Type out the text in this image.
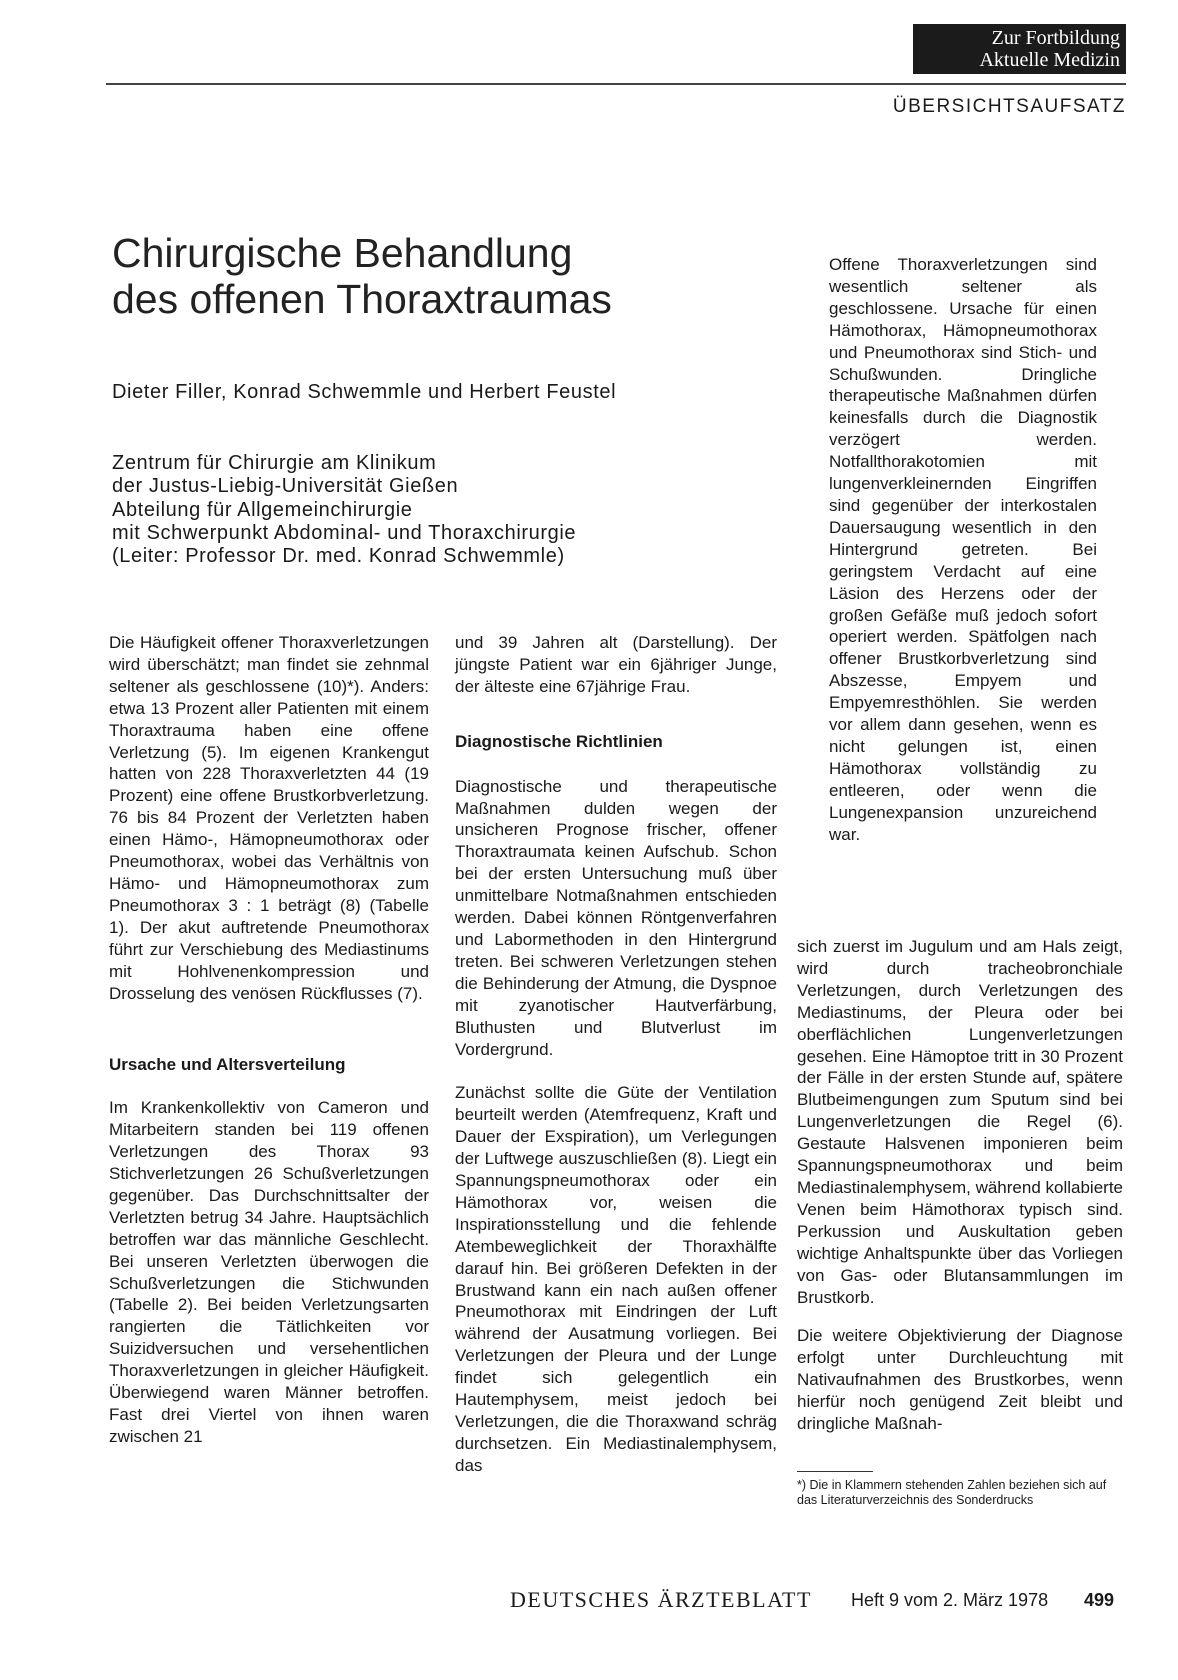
Zur Fortbildung
Aktuelle Medizin
ÜBERSICHTSAUFSATZ
Chirurgische Behandlung
des offenen Thoraxtraumas
Dieter Filler, Konrad Schwemmle und Herbert Feustel
Zentrum für Chirurgie am Klinikum
der Justus-Liebig-Universität Gießen
Abteilung für Allgemeinchirurgie
mit Schwerpunkt Abdominal- und Thoraxchirurgie
(Leiter: Professor Dr. med. Konrad Schwemmle)

Die Häufigkeit offener Thoraxverletzungen wird überschätzt; man findet sie zehnmal seltener als geschlossene (10)*). Anders: etwa 13 Prozent aller Patienten mit einem Thoraxtrauma haben eine offene Verletzung (5). Im eigenen Krankengut hatten von 228 Thoraxverletzten 44 (19 Prozent) eine offene Brustkorbverletzung. 76 bis 84 Prozent der Verletzten haben einen Hämo-, Hämopneumothorax oder Pneumothorax, wobei das Verhältnis von Hämo- und Hämopneumothorax zum Pneumothorax 3 : 1 beträgt (8) (Tabelle 1). Der akut auftretende Pneumothorax führt zur Verschiebung des Mediastinums mit Hohlvenenkompression und Drosselung des venösen Rückflusses (7).

Ursache und Altersverteilung

Im Krankenkollektiv von Cameron und Mitarbeitern standen bei 119 offenen Verletzungen des Thorax 93 Stichverletzungen 26 Schußverletzungen gegenüber. Das Durchschnittsalter der Verletzten betrug 34 Jahre. Hauptsächlich betroffen war das männliche Geschlecht. Bei unseren Verletzten überwogen die Schußverletzungen die Stichwunden (Tabelle 2). Bei beiden Verletzungsarten rangierten die Tätlichkeiten vor Suizidversuchen und versehentlichen Thoraxverletzungen in gleicher Häufigkeit. Überwiegend waren Männer betroffen. Fast drei Viertel von ihnen waren zwischen 21

und 39 Jahren alt (Darstellung). Der jüngste Patient war ein 6jähriger Junge, der älteste eine 67jährige Frau.

Diagnostische Richtlinien

Diagnostische und therapeutische Maßnahmen dulden wegen der unsicheren Prognose frischer, offener Thoraxtraumata keinen Aufschub. Schon bei der ersten Untersuchung muß über unmittelbare Notmaßnahmen entschieden werden. Dabei können Röntgenverfahren und Labormethoden in den Hintergrund treten. Bei schweren Verletzungen stehen die Behinderung der Atmung, die Dyspnoe mit zyanotischer Hautverfärbung, Bluthusten und Blutverlust im Vordergrund.

Zunächst sollte die Güte der Ventilation beurteilt werden (Atemfrequenz, Kraft und Dauer der Exspiration), um Verlegungen der Luftwege auszuschließen (8). Liegt ein Spannungspneumothorax oder ein Hämothorax vor, weisen die Inspirationsstellung und die fehlende Atembeweglichkeit der Thoraxhälfte darauf hin. Bei größeren Defekten in der Brustwand kann ein nach außen offener Pneumothorax mit Eindringen der Luft während der Ausatmung vorliegen. Bei Verletzungen der Pleura und der Lunge findet sich gelegentlich ein Hautemphysem, meist jedoch bei Verletzungen, die die Thoraxwand schräg durchsetzen. Ein Mediastinalemphysem, das

Offene Thoraxverletzungen sind wesentlich seltener als geschlossene. Ursache für einen Hämothorax, Hämopneumothorax und Pneumothorax sind Stich- und Schußwunden. Dringliche therapeutische Maßnahmen dürfen keinesfalls durch die Diagnostik verzögert werden. Notfallthorakotomien mit lungenverkleinernden Eingriffen sind gegenüber der interkostalen Dauersaugung wesentlich in den Hintergrund getreten. Bei geringstem Verdacht auf eine Läsion des Herzens oder der großen Gefäße muß jedoch sofort operiert werden. Spätfolgen nach offener Brustkorbverletzung sind Abszesse, Empyem und Empyemresthöhlen. Sie werden vor allem dann gesehen, wenn es nicht gelungen ist, einen Hämothorax vollständig zu entleeren, oder wenn die Lungenexpansion unzureichend war.

sich zuerst im Jugulum und am Hals zeigt, wird durch tracheobronchiale Verletzungen, durch Verletzungen des Mediastinums, der Pleura oder bei oberflächlichen Lungenverletzungen gesehen. Eine Hämoptoe tritt in 30 Prozent der Fälle in der ersten Stunde auf, spätere Blutbeimengungen zum Sputum sind bei Lungenverletzungen die Regel (6). Gestaute Halsvenen imponieren beim Spannungspneumothorax und beim Mediastinalemphysem, während kollabierte Venen beim Hämothorax typisch sind. Perkussion und Auskultation geben wichtige Anhaltspunkte über das Vorliegen von Gas- oder Blutansammlungen im Brustkorb.

Die weitere Objektivierung der Diagnose erfolgt unter Durchleuchtung mit Nativaufnahmen des Brustkorbes, wenn hierfür noch genügend Zeit bleibt und dringliche Maßnah-

*) Die in Klammern stehenden Zahlen beziehen sich auf das Literaturverzeichnis des Sonderdrucks
DEUTSCHES ÄRZTEBLATT Heft 9 vom 2. März 1978 499
